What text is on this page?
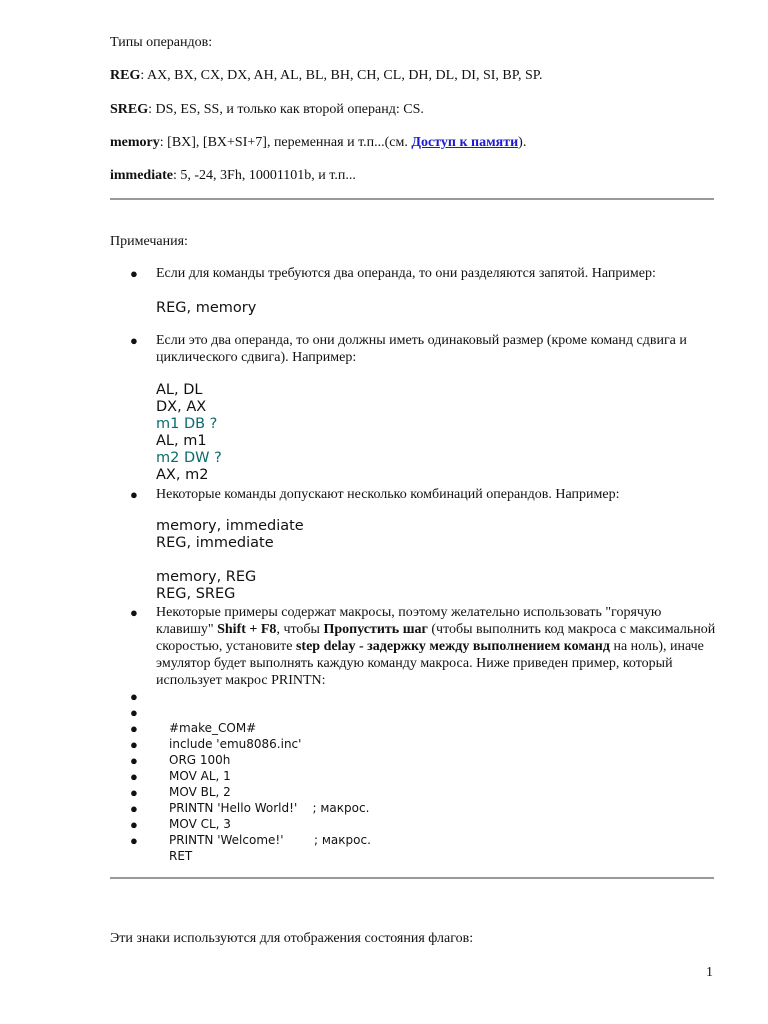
Типы операндов:

REG: AX, BX, CX, DX, AH, AL, BL, BH, CH, CL, DH, DL, DI, SI, BP, SP.

SREG: DS, ES, SS, и только как второй операнд: CS.

memory: [BX], [BX+SI+7], переменная и т.п...(см. Доступ к памяти).

immediate: 5, -24, 3Fh, 10001101b, и т.п...

Примечания:

● Если для команды требуются два операнда, то они разделяются запятой. Например:
REG, memory
● Если это два операнда, то они должны иметь одинаковый размер (кроме команд сдвига и циклического сдвига). Например:
AL, DL
DX, AX
m1 DB ?
AL, m1
m2 DW ?
AX, m2
● Некоторые команды допускают несколько комбинаций операндов. Например:
memory, immediate
REG, immediate
memory, REG
REG, SREG
● Некоторые примеры содержат макросы, поэтому желательно использовать "горячую клавишу" Shift + F8, чтобы Пропустить шаг (чтобы выполнить код макроса с максимальной скоростью, установите step delay - задержку между выполнением команд на ноль), иначе эмулятор будет выполнять каждую команду макроса. Ниже приведен пример, который использует макрос PRINTN:
●
●
●	#make_COM#
●	include 'emu8086.inc'
●	ORG 100h
●	MOV AL, 1
●	MOV BL, 2
●	PRINTN 'Hello World!'    ; макрос.
●	MOV CL, 3
●	PRINTN 'Welcome!'        ; макрос.
RET

Эти знаки используются для отображения состояния флагов:

1
